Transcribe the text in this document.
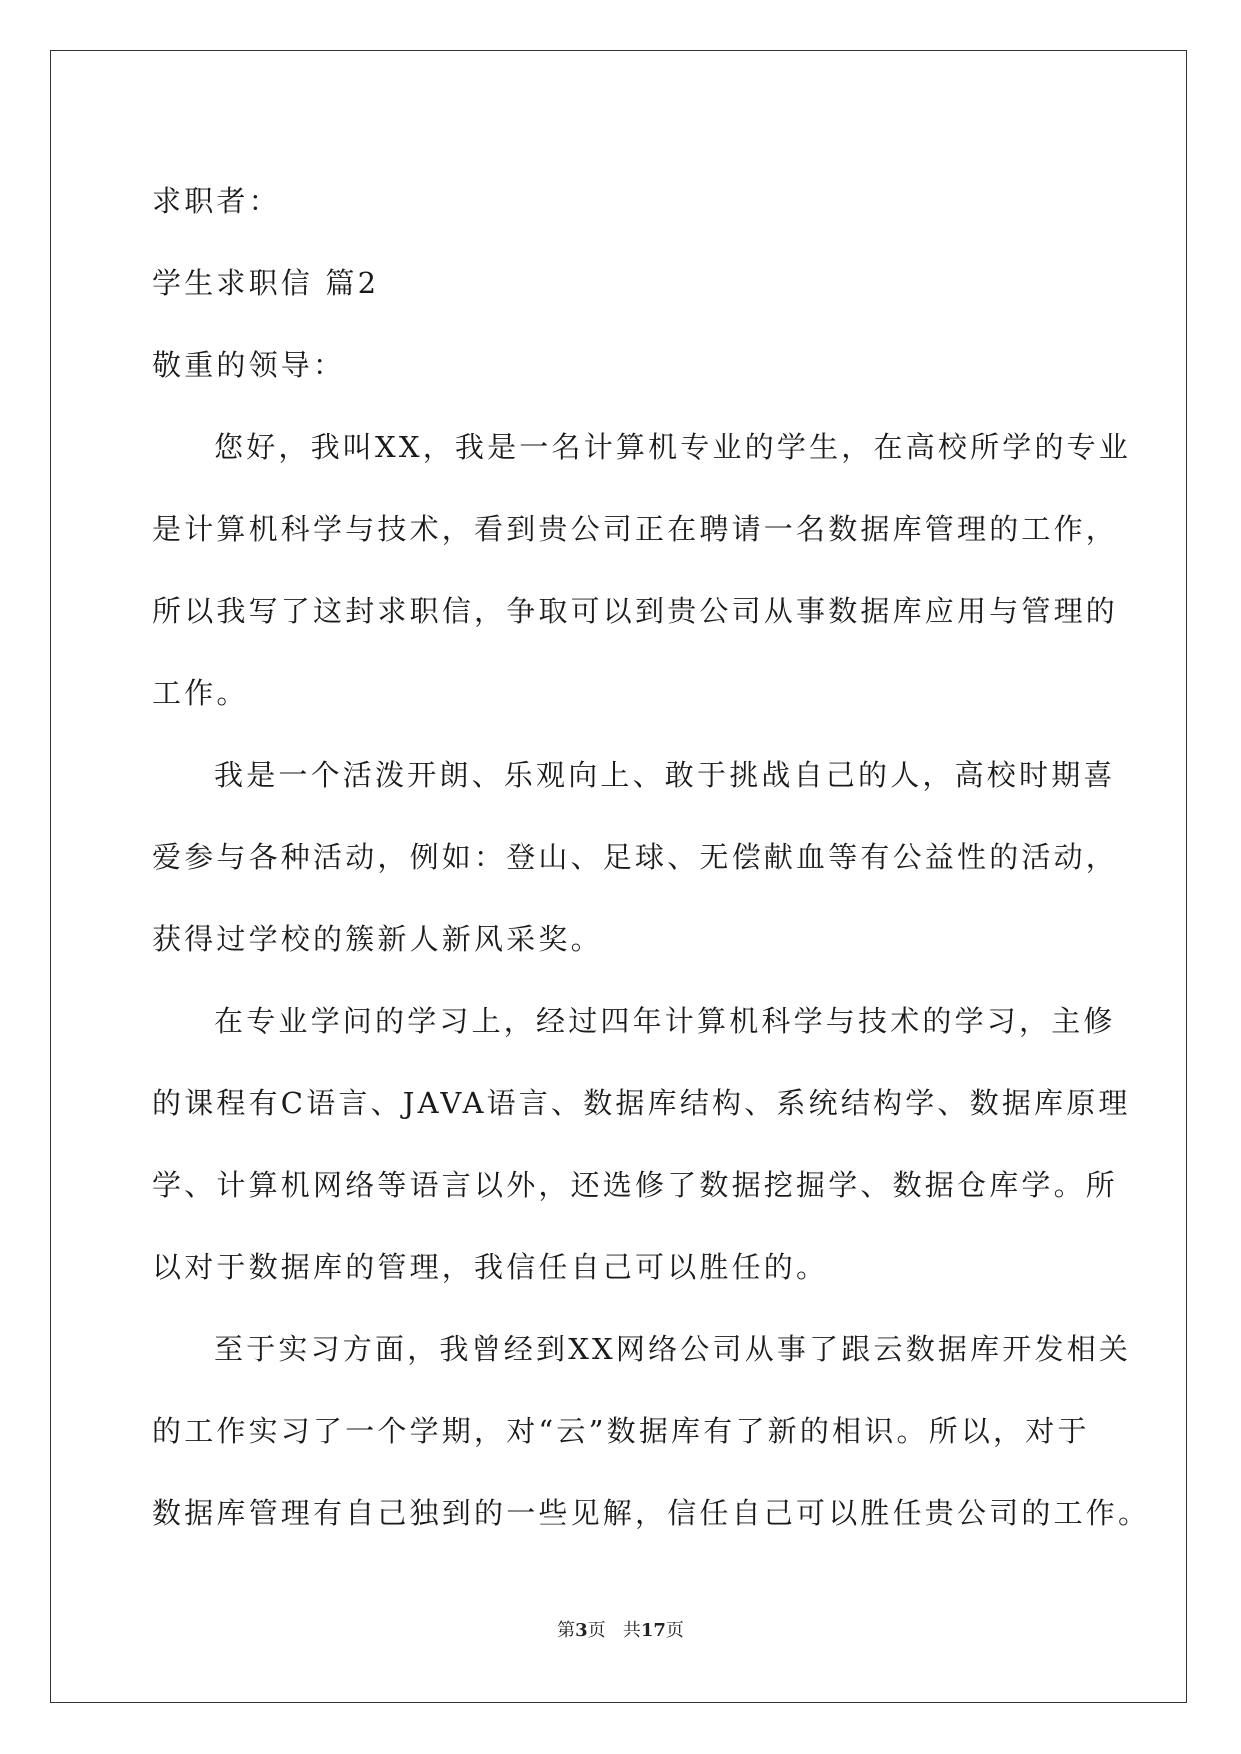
求职者：
学生求职信 篇2
敬重的领导：
您好，我叫XX，我是一名计算机专业的学生，在高校所学的专业
是计算机科学与技术，看到贵公司正在聘请一名数据库管理的工作，
所以我写了这封求职信，争取可以到贵公司从事数据库应用与管理的
工作。
我是一个活泼开朗、乐观向上、敢于挑战自己的人，高校时期喜
爱参与各种活动，例如：登山、足球、无偿献血等有公益性的活动，
获得过学校的簇新人新风采奖。
在专业学问的学习上，经过四年计算机科学与技术的学习，主修
的课程有C语言、JAVA语言、数据库结构、系统结构学、数据库原理
学、计算机网络等语言以外，还选修了数据挖掘学、数据仓库学。所
以对于数据库的管理，我信任自己可以胜任的。
至于实习方面，我曾经到XX网络公司从事了跟云数据库开发相关
的工作实习了一个学期，对“云”数据库有了新的相识。所以，对于
数据库管理有自己独到的一些见解，信任自己可以胜任贵公司的工作。
第3页 共17页
